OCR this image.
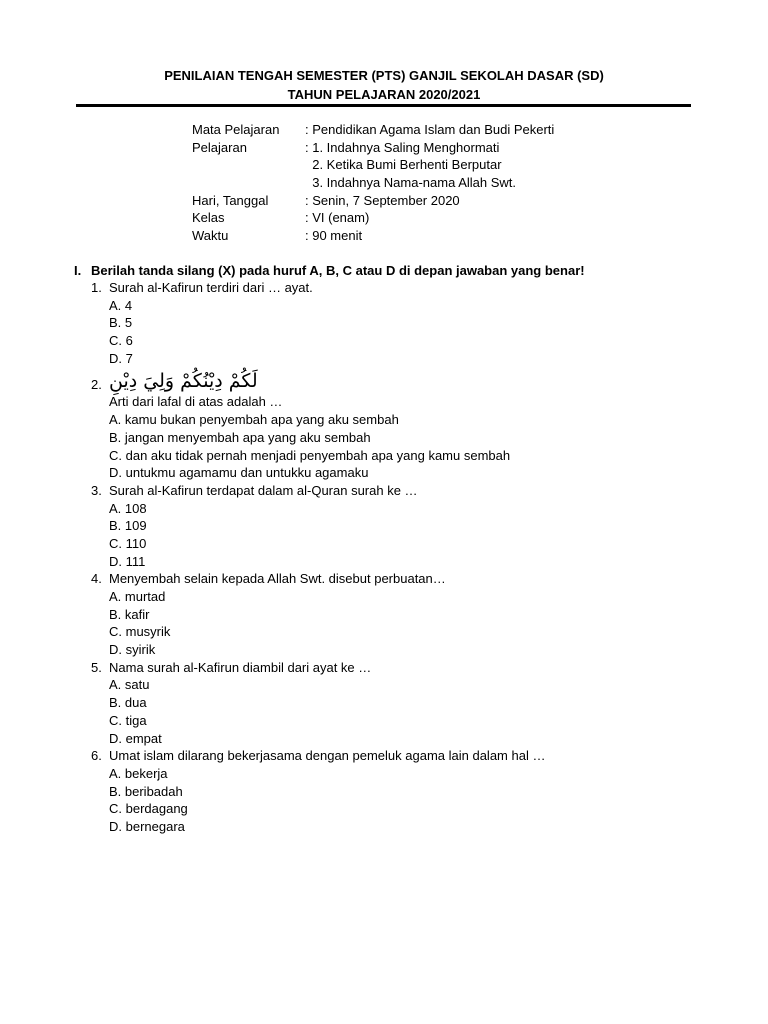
PENILAIAN TENGAH SEMESTER (PTS) GANJIL SEKOLAH DASAR (SD)
TAHUN PELAJARAN 2020/2021
Mata Pelajaran	: Pendidikan Agama Islam dan Budi Pekerti
Pelajaran	: 1. Indahnya Saling Menghormati
2. Ketika Bumi Berhenti Berputar
3. Indahnya Nama-nama Allah Swt.
Hari, Tanggal	: Senin, 7 September 2020
Kelas	: VI (enam)
Waktu	: 90 menit
I. Berilah tanda silang (X) pada huruf A, B, C atau D di depan jawaban yang benar!
1. Surah al-Kafirun terdiri dari … ayat.
A. 4
B. 5
C. 6
D. 7
2. لَكُمْ دِيْنُكُمْ وَلِيَ دِيْنِ
Arti dari lafal di atas adalah …
A. kamu bukan penyembah apa yang aku sembah
B. jangan menyembah apa yang aku sembah
C. dan aku tidak pernah menjadi penyembah apa yang kamu sembah
D. untukmu agamamu dan untukku agamaku
3. Surah al-Kafirun terdapat dalam al-Quran surah ke …
A. 108
B. 109
C. 110
D. 111
4. Menyembah selain kepada Allah Swt. disebut perbuatan…
A. murtad
B. kafir
C. musyrik
D. syirik
5. Nama surah al-Kafirun diambil dari ayat ke …
A. satu
B. dua
C. tiga
D. empat
6. Umat islam dilarang bekerjasama dengan pemeluk agama lain dalam hal …
A. bekerja
B. beribadah
C. berdagang
D. bernegara
